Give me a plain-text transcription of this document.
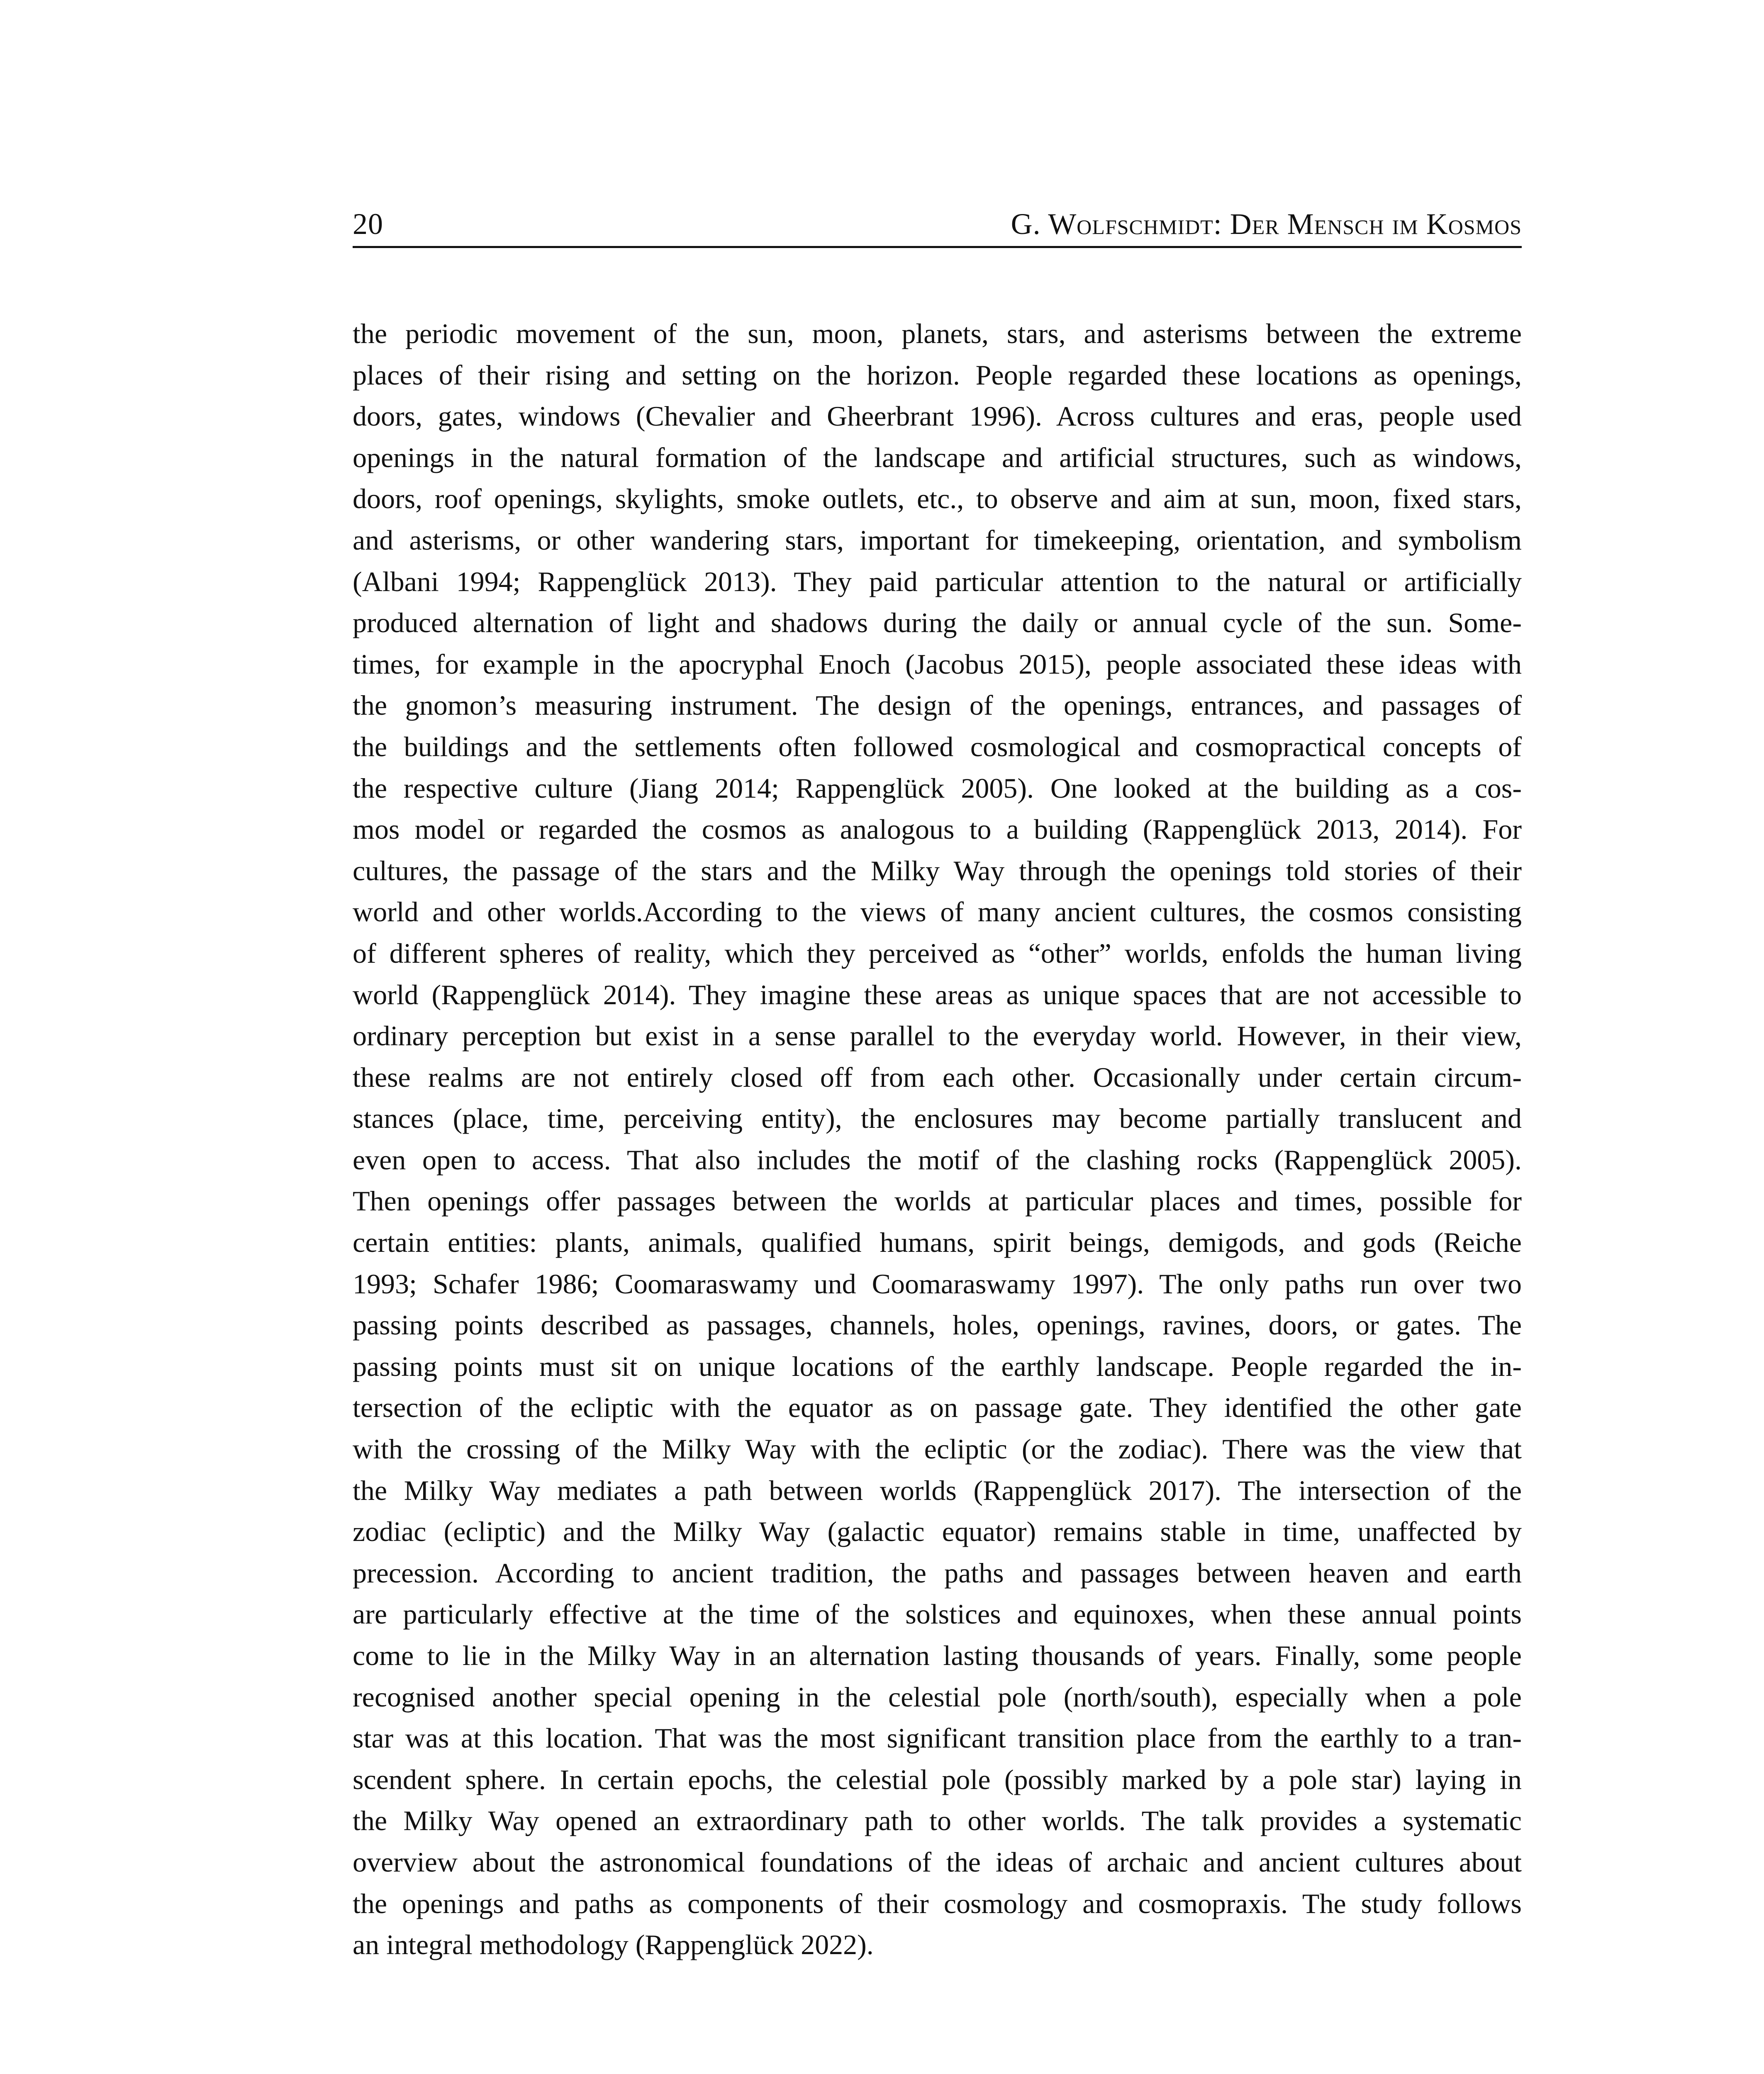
20	G. Wolfschmidt: Der Mensch im Kosmos
the periodic movement of the sun, moon, planets, stars, and asterisms between the extreme
places of their rising and setting on the horizon. People regarded these locations as openings,
doors, gates, windows (Chevalier and Gheerbrant 1996). Across cultures and eras, people used
openings in the natural formation of the landscape and artificial structures, such as windows,
doors, roof openings, skylights, smoke outlets, etc., to observe and aim at sun, moon, fixed stars,
and asterisms, or other wandering stars, important for timekeeping, orientation, and symbolism
(Albani 1994; Rappenglück 2013). They paid particular attention to the natural or artificially
produced alternation of light and shadows during the daily or annual cycle of the sun. Some-
times, for example in the apocryphal Enoch (Jacobus 2015), people associated these ideas with
the gnomon’s measuring instrument. The design of the openings, entrances, and passages of
the buildings and the settlements often followed cosmological and cosmopractical concepts of
the respective culture (Jiang 2014; Rappenglück 2005). One looked at the building as a cos-
mos model or regarded the cosmos as analogous to a building (Rappenglück 2013, 2014). For
cultures, the passage of the stars and the Milky Way through the openings told stories of their
world and other worlds.According to the views of many ancient cultures, the cosmos consisting
of different spheres of reality, which they perceived as “other” worlds, enfolds the human living
world (Rappenglück 2014). They imagine these areas as unique spaces that are not accessible to
ordinary perception but exist in a sense parallel to the everyday world. However, in their view,
these realms are not entirely closed off from each other. Occasionally under certain circum-
stances (place, time, perceiving entity), the enclosures may become partially translucent and
even open to access. That also includes the motif of the clashing rocks (Rappenglück 2005).
Then openings offer passages between the worlds at particular places and times, possible for
certain entities: plants, animals, qualified humans, spirit beings, demigods, and gods (Reiche
1993; Schafer 1986; Coomaraswamy und Coomaraswamy 1997). The only paths run over two
passing points described as passages, channels, holes, openings, ravines, doors, or gates. The
passing points must sit on unique locations of the earthly landscape. People regarded the in-
tersection of the ecliptic with the equator as on passage gate. They identified the other gate
with the crossing of the Milky Way with the ecliptic (or the zodiac). There was the view that
the Milky Way mediates a path between worlds (Rappenglück 2017). The intersection of the
zodiac (ecliptic) and the Milky Way (galactic equator) remains stable in time, unaffected by
precession. According to ancient tradition, the paths and passages between heaven and earth
are particularly effective at the time of the solstices and equinoxes, when these annual points
come to lie in the Milky Way in an alternation lasting thousands of years. Finally, some people
recognised another special opening in the celestial pole (north/south), especially when a pole
star was at this location. That was the most significant transition place from the earthly to a tran-
scendent sphere. In certain epochs, the celestial pole (possibly marked by a pole star) laying in
the Milky Way opened an extraordinary path to other worlds. The talk provides a systematic
overview about the astronomical foundations of the ideas of archaic and ancient cultures about
the openings and paths as components of their cosmology and cosmopraxis. The study follows
an integral methodology (Rappenglück 2022).
